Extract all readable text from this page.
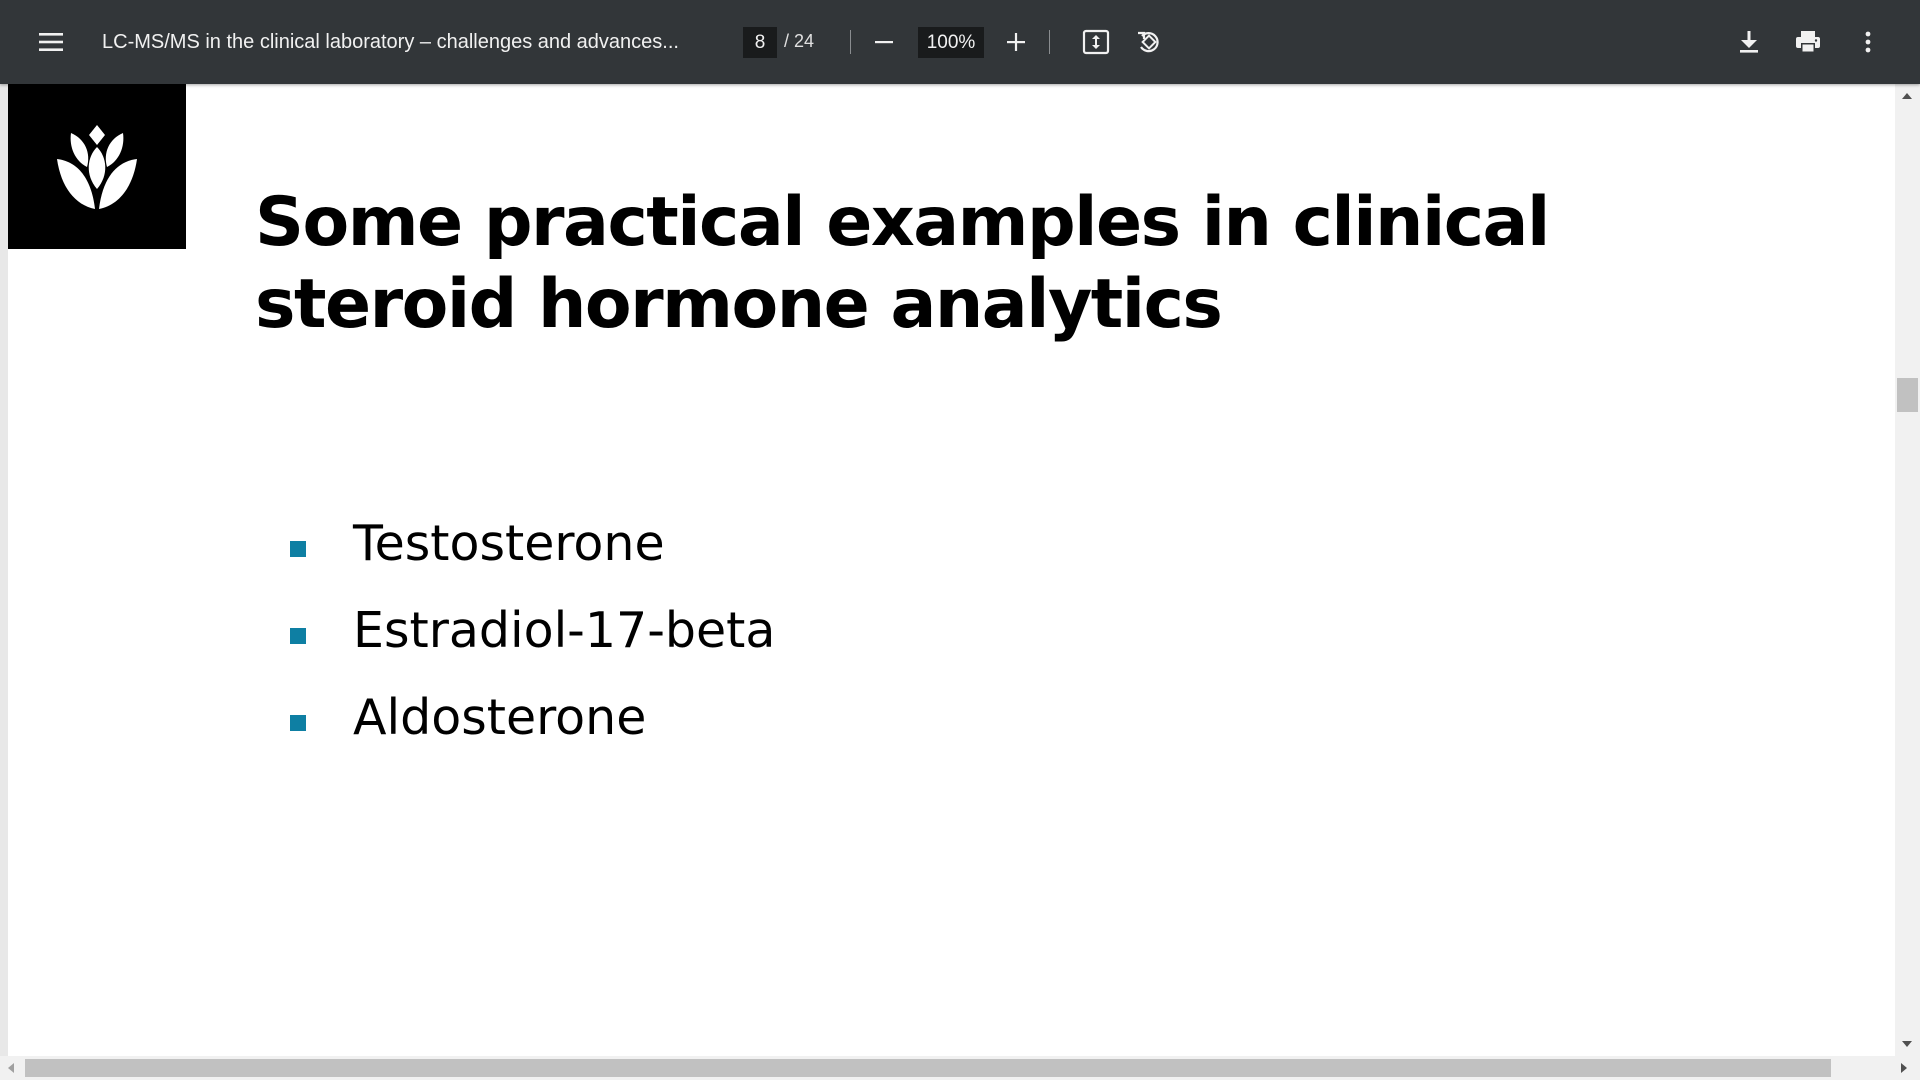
LC-MS/MS in the clinical laboratory – challenges and advances...
8	/ 24
100%
Some practical examples in clinical steroid hormone analytics
Testosterone
Estradiol-17-beta
Aldosterone
